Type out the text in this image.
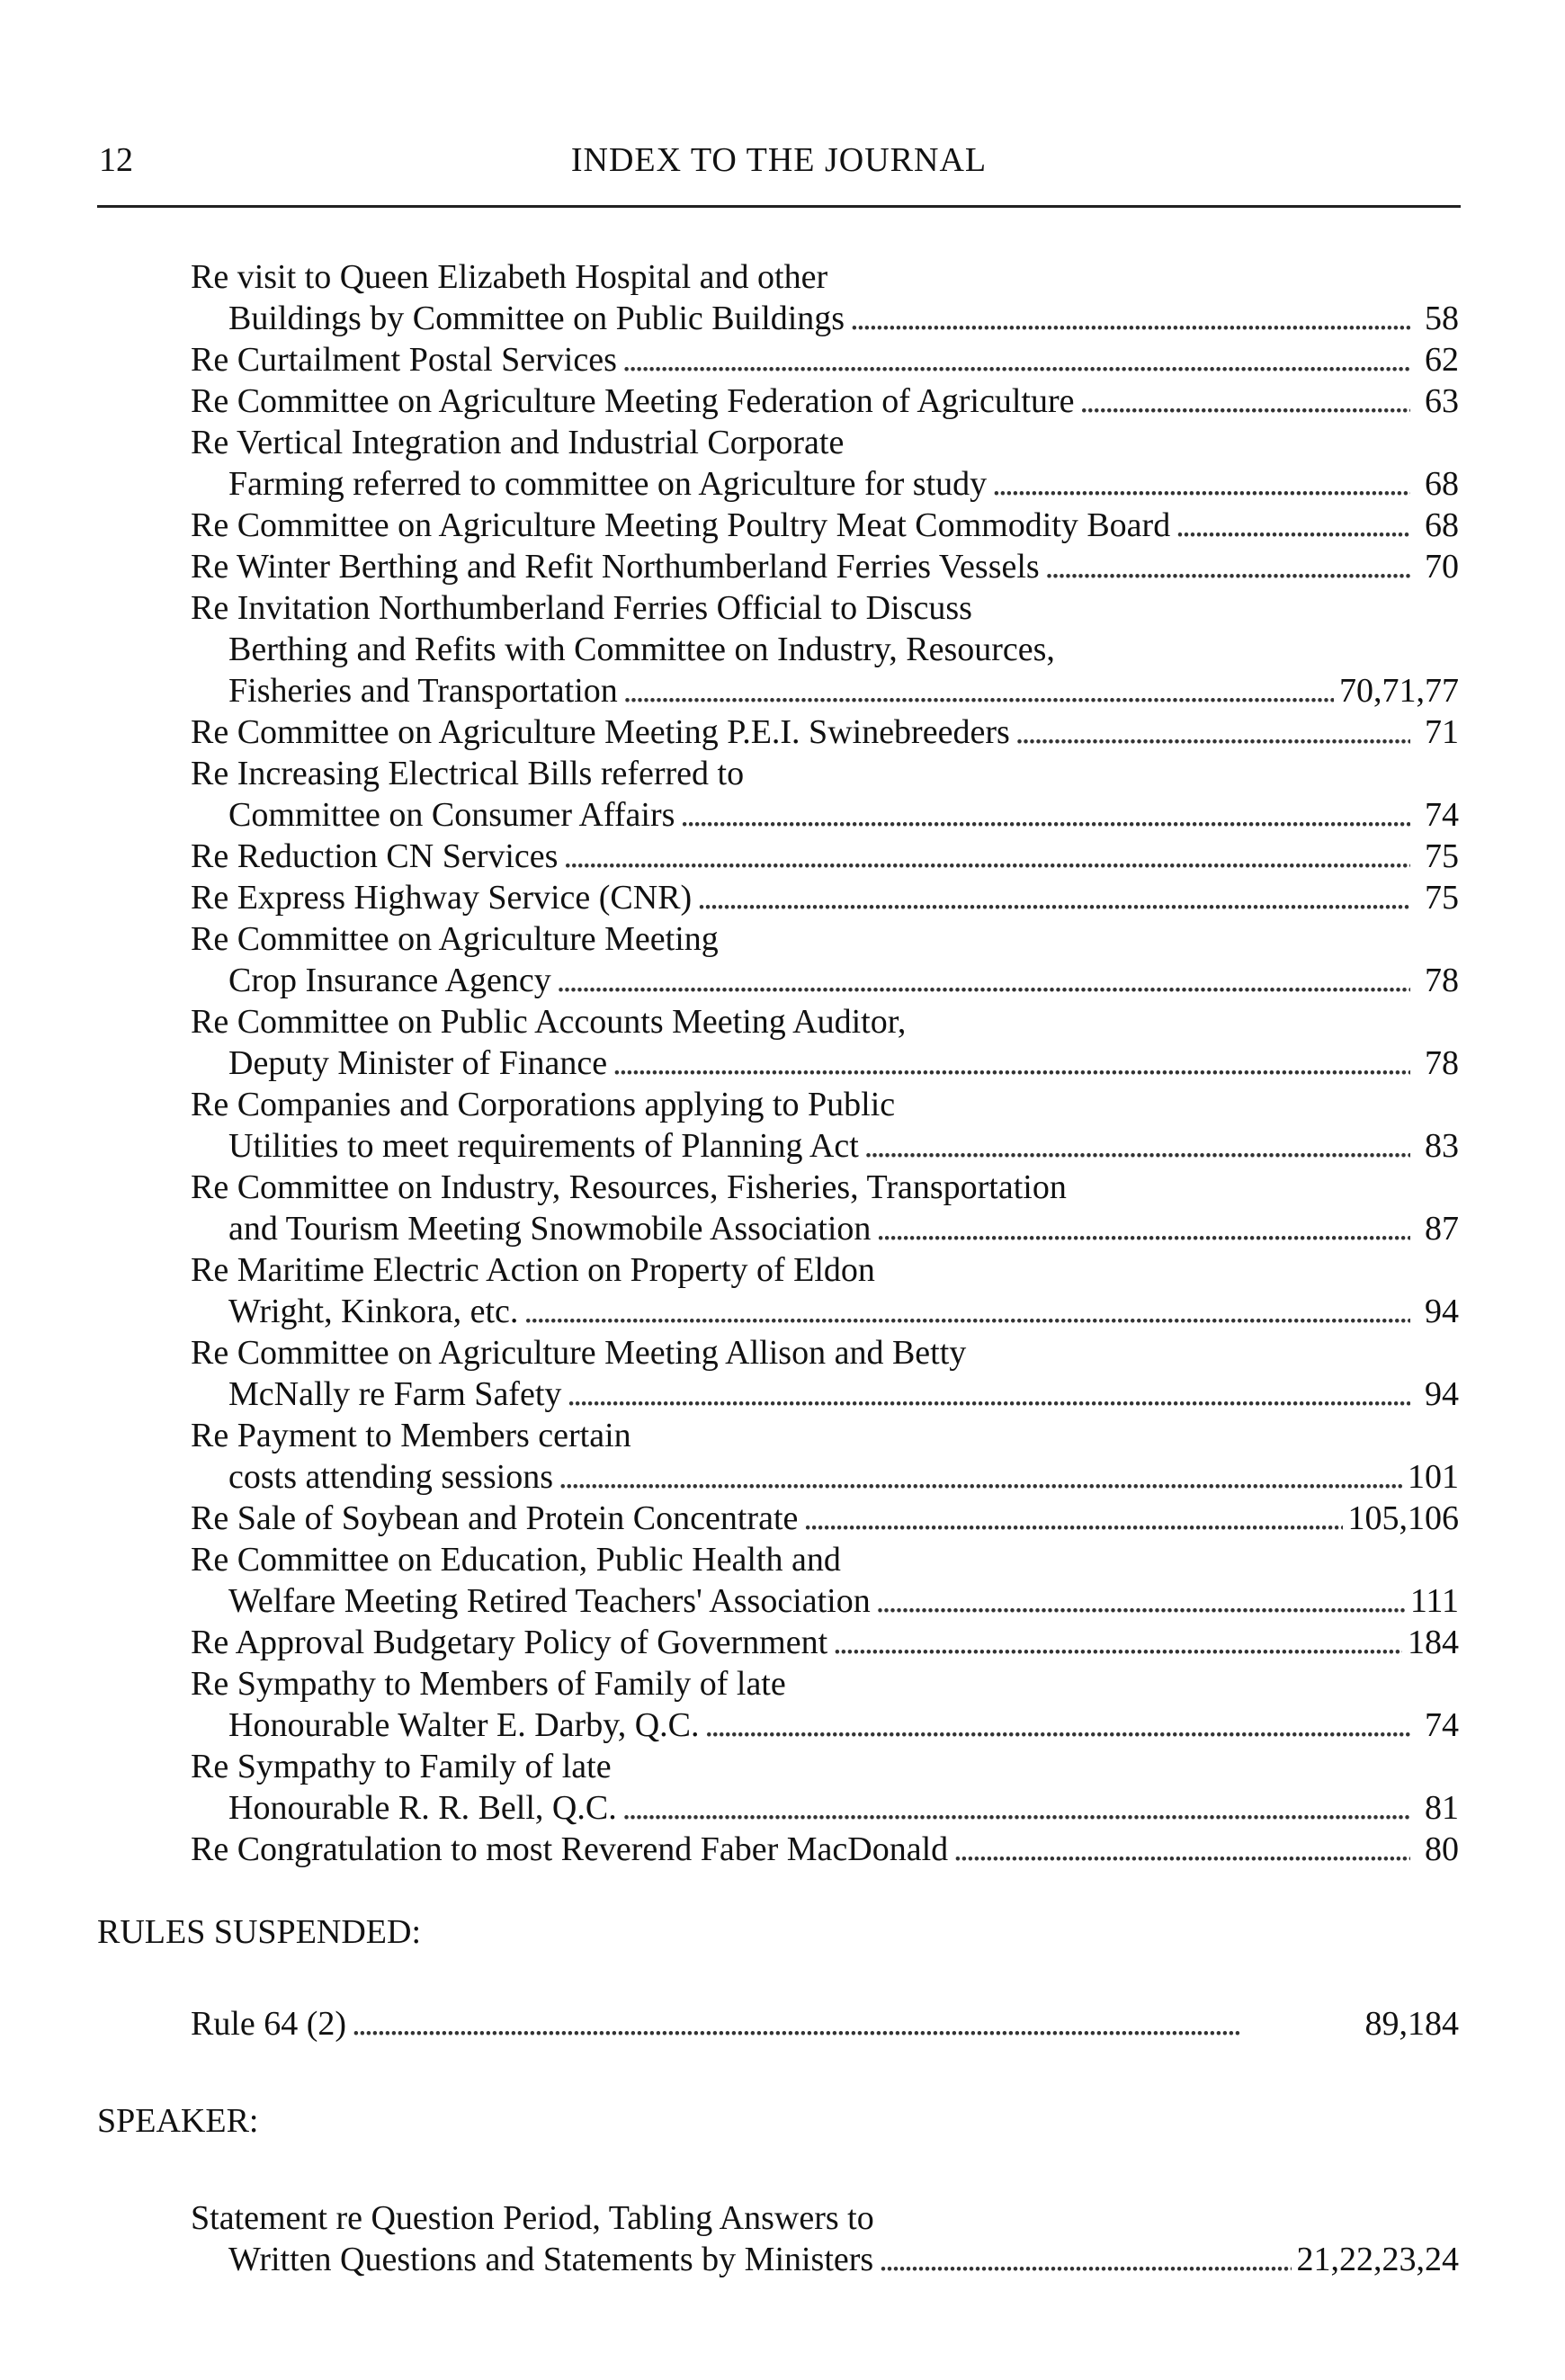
12	INDEX TO THE JOURNAL
Re visit to Queen Elizabeth Hospital and other
Buildings by Committee on Public Buildings . . .	58
Re Curtailment Postal Services . . .	62
Re Committee on Agriculture Meeting Federation of Agriculture . . .	63
Re Vertical Integration and Industrial Corporate
Farming referred to committee on Agriculture for study . . .	68
Re Committee on Agriculture Meeting Poultry Meat Commodity Board . . .	68
Re Winter Berthing and Refit Northumberland Ferries Vessels . . .	70
Re Invitation Northumberland Ferries Official to Discuss
Berthing and Refits with Committee on Industry, Resources,
Fisheries and Transportation . . .	70,71,77
Re Committee on Agriculture Meeting P.E.I. Swinebreeders . . .	71
Re Increasing Electrical Bills referred to
Committee on Consumer Affairs . . .	74
Re Reduction CN Services . . .	75
Re Express Highway Service (CNR) . . .	75
Re Committee on Agriculture Meeting
Crop Insurance Agency . . .	78
Re Committee on Public Accounts Meeting Auditor,
Deputy Minister of Finance . . .	78
Re Companies and Corporations applying to Public
Utilities to meet requirements of Planning Act . . .	83
Re Committee on Industry, Resources, Fisheries, Transportation
and Tourism Meeting Snowmobile Association . . .	87
Re Maritime Electric Action on Property of Eldon
Wright, Kinkora, etc. . . .	94
Re Committee on Agriculture Meeting Allison and Betty
McNally re Farm Safety . . .	94
Re Payment to Members certain
costs attending sessions . . .	101
Re Sale of Soybean and Protein Concentrate . . .	105,106
Re Committee on Education, Public Health and
Welfare Meeting Retired Teachers' Association . . .	111
Re Approval Budgetary Policy of Government . . .	184
Re Sympathy to Members of Family of late
Honourable Walter E. Darby, Q.C. . . .	74
Re Sympathy to Family of late
Honourable R. R. Bell, Q.C. . . .	81
Re Congratulation to most Reverend Faber MacDonald . . .	80
RULES SUSPENDED:
Rule 64 (2) . . .	89,184
SPEAKER:
Statement re Question Period, Tabling Answers to
Written Questions and Statements by Ministers . . .	21,22,23,24
